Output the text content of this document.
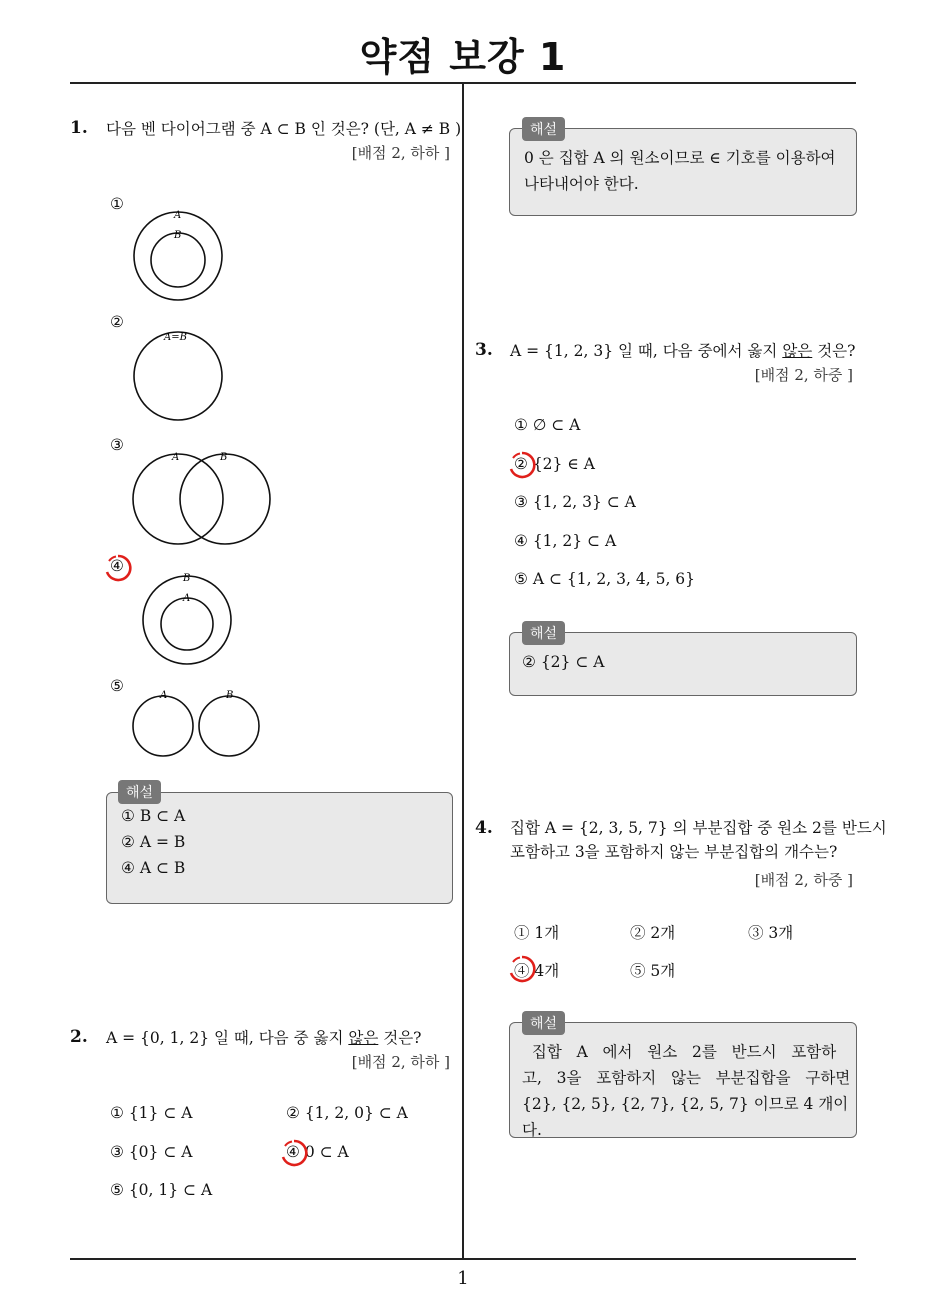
약점 보강 1
1
1. 다음 벤 다이어그램 중 A ⊂ B 인 것은? (단, A ≠ B )
[배점 2, 하하 ]
①
②
③
④
⑤
A
B
A=B
A	B
B
A
A	B
① B ⊂ A
② A = B
④ A ⊂ B
해설
2. A = {0, 1, 2} 일 때, 다음 중 옳지 않은 것은?
[배점 2, 하하 ]
① {1} ⊂ A	② {1, 2, 0} ⊂ A
③ {0} ⊂ A	④ 0 ⊂ A
⑤ {0, 1} ⊂ A
0 은 집합 A 의 원소이므로 ∈ 기호를 이용하여
나타내어야 한다.
해설
3. A = {1, 2, 3} 일 때, 다음 중에서 옳지 않은 것은?
[배점 2, 하중 ]
① ∅ ⊂ A
② {2} ∈ A
③ {1, 2, 3} ⊂ A
④ {1, 2} ⊂ A
⑤ A ⊂ {1, 2, 3, 4, 5, 6}
② {2} ⊂ A
해설
4. 집합 A = {2, 3, 5, 7} 의 부분집합 중 원소 2를 반드시
포함하고 3을 포함하지 않는 부분집합의 개수는?
[배점 2, 하중 ]
① 1개	② 2개	③ 3개
④ 4개	⑤ 5개
집합   A   에서   원소   2를   반드시   포함하
고,   3을   포함하지   않는   부분집합을   구하면
{2}, {2, 5}, {2, 7}, {2, 5, 7} 이므로 4 개이다.
해설
